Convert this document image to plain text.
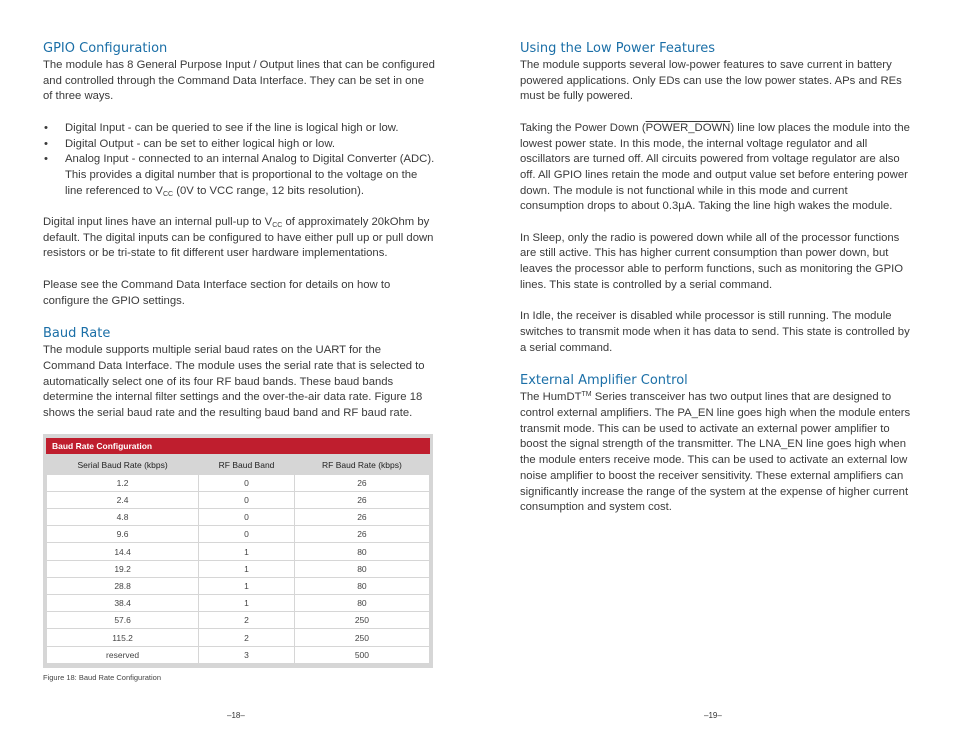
GPIO Configuration

The module has 8 General Purpose Input / Output lines that can be configured and controlled through the Command Data Interface. They can be set in one of three ways.

• Digital Input - can be queried to see if the line is logical high or low.
• Digital Output - can be set to either logical high or low.
• Analog Input - connected to an internal Analog to Digital Converter (ADC). This provides a digital number that is proportional to the voltage on the line referenced to $V_{CC}$ (0V to VCC range, 12 bits resolution).

Digital input lines have an internal pull-up to $V_{CC}$ of approximately 20kOhm by default. The digital inputs can be configured to have either pull up or pull down resistors or be tri-state to fit different user hardware implementations.

Please see the Command Data Interface section for details on how to configure the GPIO settings.

Baud Rate

The module supports multiple serial baud rates on the UART for the Command Data Interface. The module uses the serial rate that is selected to automatically select one of its four RF baud bands. These baud bands determine the internal filter settings and the over-the-air data rate. Figure 18 shows the serial baud rate and the resulting baud band and RF baud rate.

Baud Rate Configuration
Serial Baud Rate (kbps)	RF Baud Band	RF Baud Rate (kbps)
1.2	0	26
2.4	0	26
4.8	0	26
9.6	0	26
14.4	1	80
19.2	1	80
28.8	1	80
38.4	1	80
57.6	2	250
115.2	2	250
reserved	3	500
Figure 18: Baud Rate Configuration
–18–
Using the Low Power Features

The module supports several low-power features to save current in battery powered applications. Only EDs can use the low power states. APs and REs must be fully powered.

Taking the Power Down (POWER_DOWN) line low places the module into the lowest power state. In this mode, the internal voltage regulator and all oscillators are turned off. All circuits powered from voltage regulator are also off. All GPIO lines retain the mode and output value set before entering power down. The module is not functional while in this mode and current consumption drops to about 0.3µA. Taking the line high wakes the module.

In Sleep, only the radio is powered down while all of the processor functions are still active. This has higher current consumption than power down, but leaves the processor able to perform functions, such as monitoring the GPIO lines. This state is controlled by a serial command.

In Idle, the receiver is disabled while processor is still running. The module switches to transmit mode when it has data to send. This state is controlled by a serial command.

External Amplifier Control

The HumDT™ Series transceiver has two output lines that are designed to control external amplifiers. The PA_EN line goes high when the module enters transmit mode. This can be used to activate an external power amplifier to boost the signal strength of the transmitter. The LNA_EN line goes high when the module enters receive mode. This can be used to activate an external low noise amplifier to boost the receiver sensitivity. These external amplifiers can significantly increase the range of the system at the expense of higher current consumption and system cost.

–19–
